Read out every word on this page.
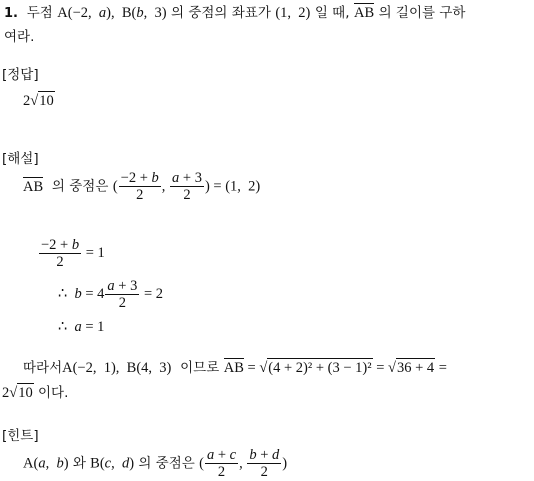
1.  두점 A(−2,  a),  B(b,  3) 의 중점의 좌표가 (1,  2) 일 때, AB 의 길이를 구하
여라.
[정답]
2√10
[해설]
AB  의 중점은 ( $\frac{-2 + b}{2}$ , $\frac{a + 3}{2}$ ) = (1,  2)
$\frac{-2 + b}{2} = 1$
∴  $b = 4 \frac{a + 3}{2} = 2$
∴  a = 1
따라서A(−2,  1),  B(4,  3)  이므로 AB = √(4 + 2)² + (3 − 1)² = √36 + 4 =
2√10 이다.
[힌트]
A(a,  b) 와 B(c,  d) 의 중점은 ( $\frac{a + c}{2}$ , $\frac{b + d}{2}$ )
